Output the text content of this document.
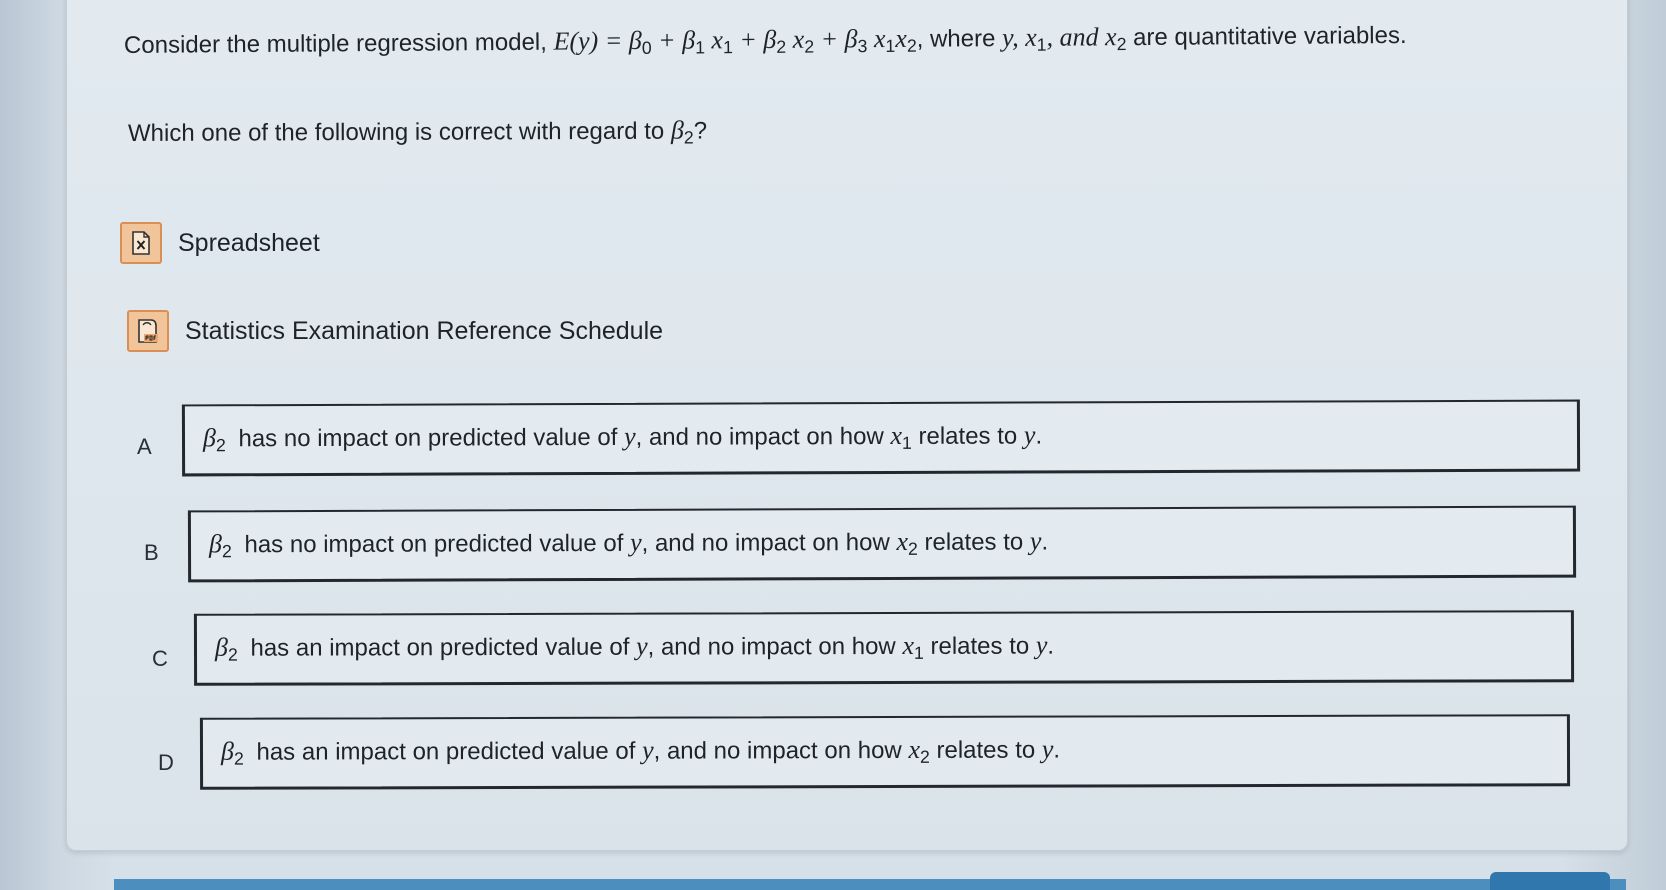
Consider the multiple regression model, $E(y) = \beta_0 + \beta_1$ $x_1 + \beta_2$ $x_2 + \beta_3$ $x_1x_2$, where y, $x_1$, and $x_2$ are quantitative variables.
Which one of the following is correct with regard to $\beta_2$?
Spreadsheet
Statistics Examination Reference Schedule
A $\beta_2$ has no impact on predicted value of y, and no impact on how $x_1$ relates to y.
B $\beta_2$ has no impact on predicted value of y, and no impact on how $x_2$ relates to y.
C $\beta_2$ has an impact on predicted value of y, and no impact on how $x_1$ relates to y.
D $\beta_2$ has an impact on predicted value of y, and no impact on how $x_2$ relates to y.
